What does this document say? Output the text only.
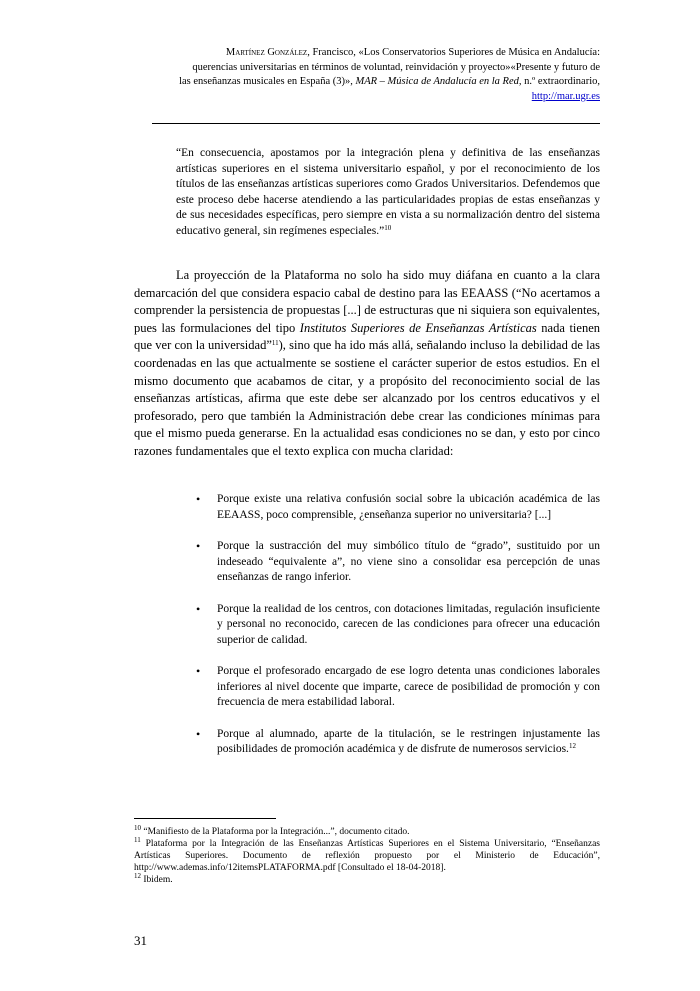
Martínez González, Francisco, «Los Conservatorios Superiores de Música en Andalucía:
querencias universitarias en términos de voluntad, reinvidación y proyecto»«Presente y futuro de
las enseñanzas musicales en España (3)», MAR – Música de Andalucía en la Red, n.º extraordinario,
http://mar.ugr.es
“En consecuencia, apostamos por la integración plena y definitiva de las enseñanzas artísticas superiores en el sistema universitario español, y por el reconocimiento de los títulos de las enseñanzas artísticas superiores como Grados Universitarios. Defendemos que este proceso debe hacerse atendiendo a las particularidades propias de estas enseñanzas y de sus necesidades específicas, pero siempre en vista a su normalización dentro del sistema educativo general, sin regímenes especiales.”$^{10}$
La proyección de la Plataforma no solo ha sido muy diáfana en cuanto a la clara demarcación del que considera espacio cabal de destino para las EEAASS (“No acertamos a comprender la persistencia de propuestas [...] de estructuras que ni siquiera son equivalentes, pues las formulaciones del tipo Institutos Superiores de Enseñanzas Artísticas nada tienen que ver con la universidad”$^{11}$), sino que ha ido más allá, señalando incluso la debilidad de las coordenadas en las que actualmente se sostiene el carácter superior de estos estudios. En el mismo documento que acabamos de citar, y a propósito del reconocimiento social de las enseñanzas artísticas, afirma que este debe ser alcanzado por los centros educativos y el profesorado, pero que también la Administración debe crear las condiciones mínimas para que el mismo pueda generarse. En la actualidad esas condiciones no se dan, y esto por cinco razones fundamentales que el texto explica con mucha claridad:
• Porque existe una relativa confusión social sobre la ubicación académica de las EEAASS, poco comprensible, ¿enseñanza superior no universitaria? [...]
• Porque la sustracción del muy simbólico título de “grado”, sustituido por un indeseado “equivalente a”, no viene sino a consolidar esa percepción de unas enseñanzas de rango inferior.
• Porque la realidad de los centros, con dotaciones limitadas, regulación insuficiente y personal no reconocido, carecen de las condiciones para ofrecer una educación superior de calidad.
• Porque el profesorado encargado de ese logro detenta unas condiciones laborales inferiores al nivel docente que imparte, carece de posibilidad de promoción y con frecuencia de mera estabilidad laboral.
• Porque al alumnado, aparte de la titulación, se le restringen injustamente las posibilidades de promoción académica y de disfrute de numerosos servicios.$^{12}$

$^{10}$ “Manifiesto de la Plataforma por la Integración...”, documento citado.

$^{11}$ Plataforma por la Integración de las Enseñanzas Artísticas Superiores en el Sistema Universitario, “Enseñanzas Artísticas Superiores. Documento de reflexión propuesto por el Ministerio de Educación”, http://www.ademas.info/12itemsPLATAFORMA.pdf [Consultado el 18-04-2018].

$^{12}$ Ibidem.

31
